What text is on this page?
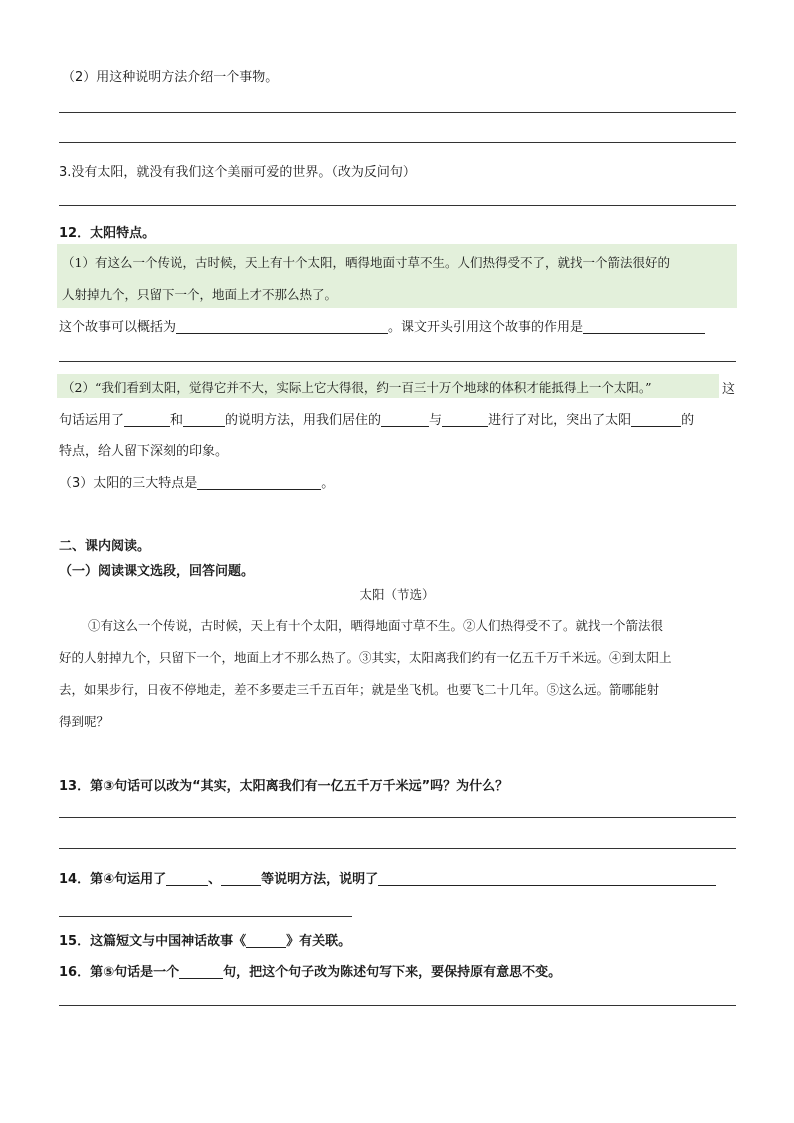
（2）用这种说明方法介绍一个事物。
3.没有太阳，就没有我们这个美丽可爱的世界。（改为反问句）
12．太阳特点。
（1）有这么一个传说，古时候，天上有十个太阳，晒得地面寸草不生。人们热得受不了，就找一个箭法很好的
人射掉九个，只留下一个，地面上才不那么热了。
这个故事可以概括为	。课文开头引用这个故事的作用是
（2）“我们看到太阳，觉得它并不大，实际上它大得很，约一百三十万个地球的体积才能抵得上一个太阳。”	这
句话运用了	和	的说明方法，用我们居住的	与	进行了对比，突出了太阳	的
特点，给人留下深刻的印象。
（3）太阳的三大特点是	。
二、课内阅读。
（一）阅读课文选段，回答问题。
太阳（节选）
①有这么一个传说，古时候，天上有十个太阳，晒得地面寸草不生。②人们热得受不了。就找一个箭法很
好的人射掉九个，只留下一个，地面上才不那么热了。③其实，太阳离我们约有一亿五千万千米远。④到太阳上
去，如果步行，日夜不停地走，差不多要走三千五百年；就是坐飞机。也要飞二十几年。⑤这么远。箭哪能射
得到呢？
13．第③句话可以改为“其实，太阳离我们有一亿五千万千米远”吗？为什么？
14．第④句运用了	、	等说明方法，说明了
15．这篇短文与中国神话故事《	》有关联。
16．第⑤句话是一个	句，把这个句子改为陈述句写下来，要保持原有意思不变。
